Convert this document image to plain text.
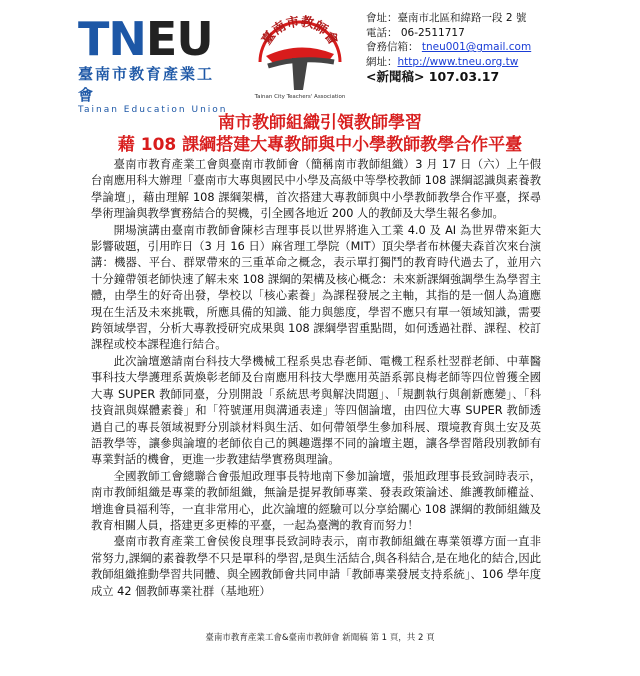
TNEU
臺南市教育產業工會
Tainan Education Union
臺南市教師會
Tainan City Teachers' Association
會址：臺南市北區和緯路一段 2 號
電話： 06-2511717
會務信箱： tneu001@gmail.com
網址：http://www.tneu.org.tw
<新聞稿> 107.03.17
南市教師組織引領教師學習
藉 108 課綱搭建大專教師與中小學教師教學合作平臺

臺南市教育產業工會與臺南市教師會（簡稱南市教師組織）3 月 17 日（六）上午假台南應用科大辦理「臺南市大專與國民中小學及高級中等學校教師 108 課綱認識與素養教學論壇」，藉由理解 108 課綱架構，首次搭建大專教師與中小學教師教學合作平臺，探尋學術理論與教學實務結合的契機，引全國各地近 200 人的教師及大學生報名參加。

開場演講由臺南市教師會陳杉吉理事長以世界將進入工業 4.0 及 AI 為世界帶來鉅大影響破題，引用昨日（3 月 16 日）麻省理工學院（MIT）頂尖學者布林優夫森首次來台演講：機器、平台、群眾帶來的三重革命之概念，表示單打獨鬥的教育時代過去了，並用六十分鐘帶領老師快速了解未來 108 課綱的架構及核心概念：未來新課綱強調學生為學習主體，由學生的好奇出發，學校以「核心素養」為課程發展之主軸，其指的是一個人為適應現在生活及未來挑戰，所應具備的知識、能力與態度，學習不應只有單一領域知識，需要跨領域學習，分析大專教授研究成果與 108 課綱學習重點間，如何透過社群、課程、校訂課程或校本課程進行結合。

此次論壇邀請南台科技大學機械工程系吳忠春老師、電機工程系杜翌群老師、中華醫事科技大學護理系黃煥彰老師及台南應用科技大學應用英語系郭良梅老師等四位曾獲全國大專 SUPER 教師同臺，分別開設「系統思考與解決問題」、「規劃執行與創新應變」、「科技資訊與媒體素養」和「符號運用與溝通表達」等四個論壇，由四位大專 SUPER 教師透過自己的專長領域視野分別談材料與生活、如何帶領學生參加科展、環境教育與土安及英語教學等，讓參與論壇的老師依自己的興趣選擇不同的論壇主題，讓各學習階段別教師有專業對話的機會，更進一步教建結學實務與理論。

全國教師工會總聯合會張旭政理事長特地南下參加論壇，張旭政理事長致詞時表示，南市教師組織是專業的教師組織，無論是提昇教師專業、發表政策論述、維護教師權益、增進會員福利等，一直非常用心，此次論壇的經驗可以分享給關心 108 課綱的教師組織及教育相關人員，搭建更多更棒的平臺，一起為臺灣的教育而努力！

臺南市教育產業工會侯俊良理事長致詞時表示，南市教師組織在專業領導方面一直非常努力,課綱的素養教學不只是單科的學習,是與生活結合,與各科結合,是在地化的結合,因此教師組織推動學習共同體、與全國教師會共同申請「教師專業發展支持系統」、106 學年度成立 42 個教師專業社群（基地班）

臺南市教育產業工會&臺南市教師會 新聞稿 第 1 頁，共 2 頁
